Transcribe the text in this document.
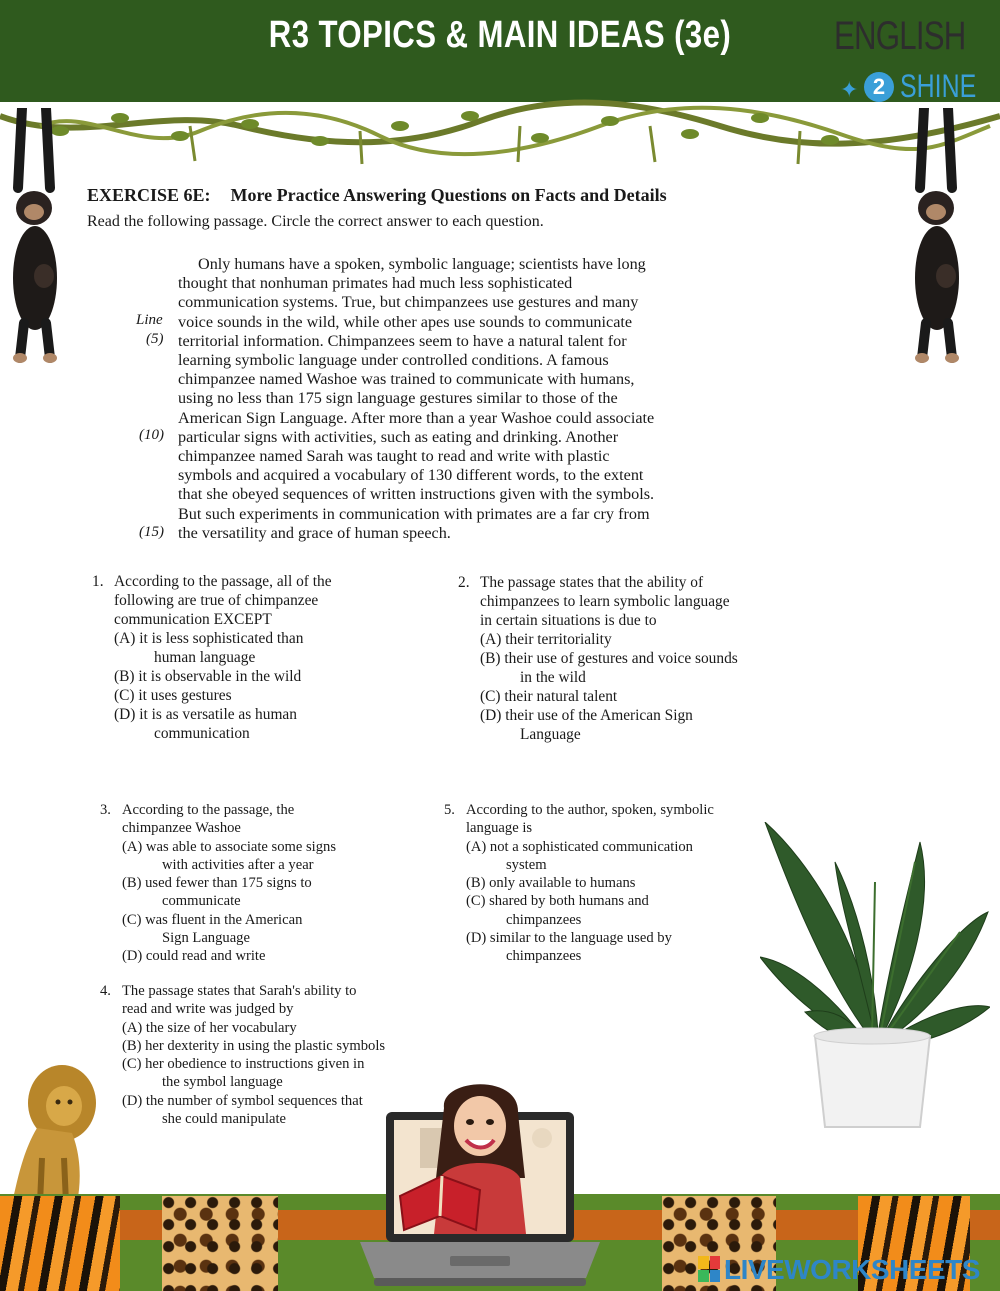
R3 TOPICS & MAIN IDEAS (3e)	ENGLISH
✦ 2 SHINE
EXERCISE 6E: More Practice Answering Questions on Facts and Details
Read the following passage. Circle the correct answer to each question.
Only humans have a spoken, symbolic language; scientists have long
thought that nonhuman primates had much less sophisticated
communication systems. True, but chimpanzees use gestures and many
voice sounds in the wild, while other apes use sounds to communicate
territorial information. Chimpanzees seem to have a natural talent for
learning symbolic language under controlled conditions. A famous
chimpanzee named Washoe was trained to communicate with humans,
using no less than 175 sign language gestures similar to those of the
American Sign Language. After more than a year Washoe could associate
particular signs with activities, such as eating and drinking. Another
chimpanzee named Sarah was taught to read and write with plastic
symbols and acquired a vocabulary of 130 different words, to the extent
that she obeyed sequences of written instructions given with the symbols.
But such experiments in communication with primates are a far cry from
the versatility and grace of human speech.
Line
(5)
(10)
(15)
1. According to the passage, all of the
following are true of chimpanzee
communication EXCEPT
(A) it is less sophisticated than
human language
(B) it is observable in the wild
(C) it uses gestures
(D) it is as versatile as human
communication
2. The passage states that the ability of
chimpanzees to learn symbolic language
in certain situations is due to
(A) their territoriality
(B) their use of gestures and voice sounds
in the wild
(C) their natural talent
(D) their use of the American Sign
Language
3. According to the passage, the
chimpanzee Washoe
(A) was able to associate some signs
with activities after a year
(B) used fewer than 175 signs to
communicate
(C) was fluent in the American
Sign Language
(D) could read and write
5. According to the author, spoken, symbolic
language is
(A) not a sophisticated communication
system
(B) only available to humans
(C) shared by both humans and
chimpanzees
(D) similar to the language used by
chimpanzees
4. The passage states that Sarah's ability to
read and write was judged by
(A) the size of her vocabulary
(B) her dexterity in using the plastic symbols
(C) her obedience to instructions given in
the symbol language
(D) the number of symbol sequences that
she could manipulate
LIVEWORKSHEETS
